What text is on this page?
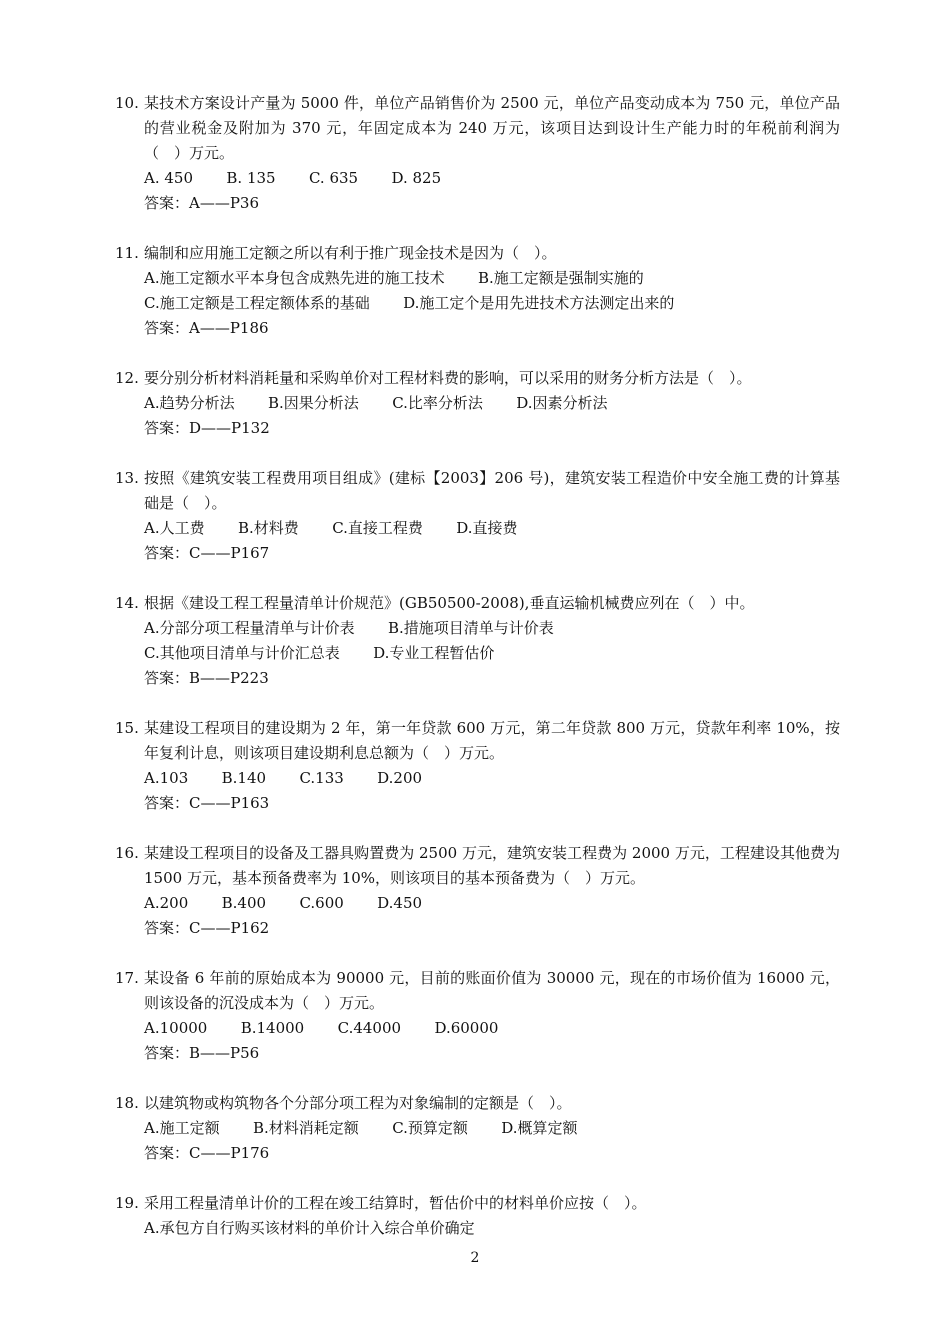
10. 某技术方案设计产量为 5000 件，单位产品销售价为 2500 元，单位产品变动成本为 750 元，单位产品的营业税金及附加为 370 元，年固定成本为 240 万元，该项目达到设计生产能力时的年税前利润为（　）万元。
A. 450 B. 135 C. 635 D. 825
答案：A——P36
11. 编制和应用施工定额之所以有利于推广现金技术是因为（　）。
A.施工定额水平本身包含成熟先进的施工技术 B.施工定额是强制实施的
C.施工定额是工程定额体系的基础 D.施工定个是用先进技术方法测定出来的
答案：A——P186
12. 要分别分析材料消耗量和采购单价对工程材料费的影响，可以采用的财务分析方法是（　）。
A.趋势分析法 B.因果分析法 C.比率分析法 D.因素分析法
答案：D——P132
13. 按照《建筑安装工程费用项目组成》(建标【2003】206 号)，建筑安装工程造价中安全施工费的计算基础是（　）。
A.人工费 B.材料费 C.直接工程费 D.直接费
答案：C——P167
14. 根据《建设工程工程量清单计价规范》(GB50500-2008),垂直运输机械费应列在（　）中。
A.分部分项工程量清单与计价表 B.措施项目清单与计价表
C.其他项目清单与计价汇总表 D.专业工程暂估价
答案：B——P223
15. 某建设工程项目的建设期为 2 年，第一年贷款 600 万元，第二年贷款 800 万元，贷款年利率 10%，按年复利计息，则该项目建设期利息总额为（　）万元。
A.103 B.140 C.133 D.200
答案：C——P163
16. 某建设工程项目的设备及工器具购置费为 2500 万元，建筑安装工程费为 2000 万元，工程建设其他费为 1500 万元，基本预备费率为 10%，则该项目的基本预备费为（　）万元。
A.200 B.400 C.600 D.450
答案：C——P162
17. 某设备 6 年前的原始成本为 90000 元，目前的账面价值为 30000 元，现在的市场价值为 16000 元，则该设备的沉没成本为（　）万元。
A.10000 B.14000 C.44000 D.60000
答案：B——P56
18. 以建筑物或构筑物各个分部分项工程为对象编制的定额是（　）。
A.施工定额 B.材料消耗定额 C.预算定额 D.概算定额
答案：C——P176
19. 采用工程量清单计价的工程在竣工结算时，暂估价中的材料单价应按（　）。
A.承包方自行购买该材料的单价计入综合单价确定
2
